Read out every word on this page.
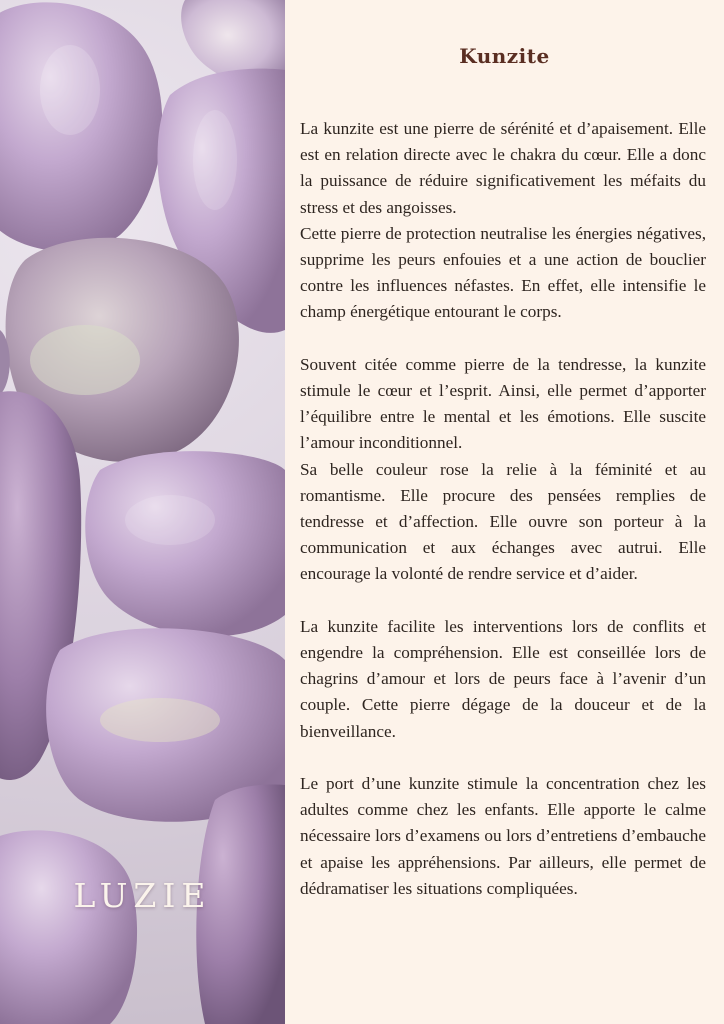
LUZIE
Kunzite

La kunzite est une pierre de sérénité et d’apaisement. Elle est en relation directe avec le chakra du cœur. Elle a donc la puissance de réduire significativement les méfaits du stress et des angoisses.

Cette pierre de protection neutralise les énergies négatives, supprime les peurs enfouies et a une action de bouclier contre les influences néfastes. En effet, elle intensifie le champ énergétique entourant le corps.

Souvent citée comme pierre de la tendresse, la kunzite stimule le cœur et l’esprit. Ainsi, elle permet d’apporter l’équilibre entre le mental et les émotions. Elle suscite l’amour inconditionnel.

Sa belle couleur rose la relie à la féminité et au romantisme. Elle procure des pensées remplies de tendresse et d’affection. Elle ouvre son porteur à la communication et aux échanges avec autrui. Elle encourage la volonté de rendre service et d’aider.

La kunzite facilite les interventions lors de conflits et engendre la compréhension. Elle est conseillée lors de chagrins d’amour et lors de peurs face à l’avenir d’un couple. Cette pierre dégage de la douceur et de la bienveillance.

Le port d’une kunzite stimule la concentration chez les adultes comme chez les enfants. Elle apporte le calme nécessaire lors d’examens ou lors d’entretiens d’embauche et apaise les appréhensions. Par ailleurs, elle permet de dédramatiser les situations compliquées.
